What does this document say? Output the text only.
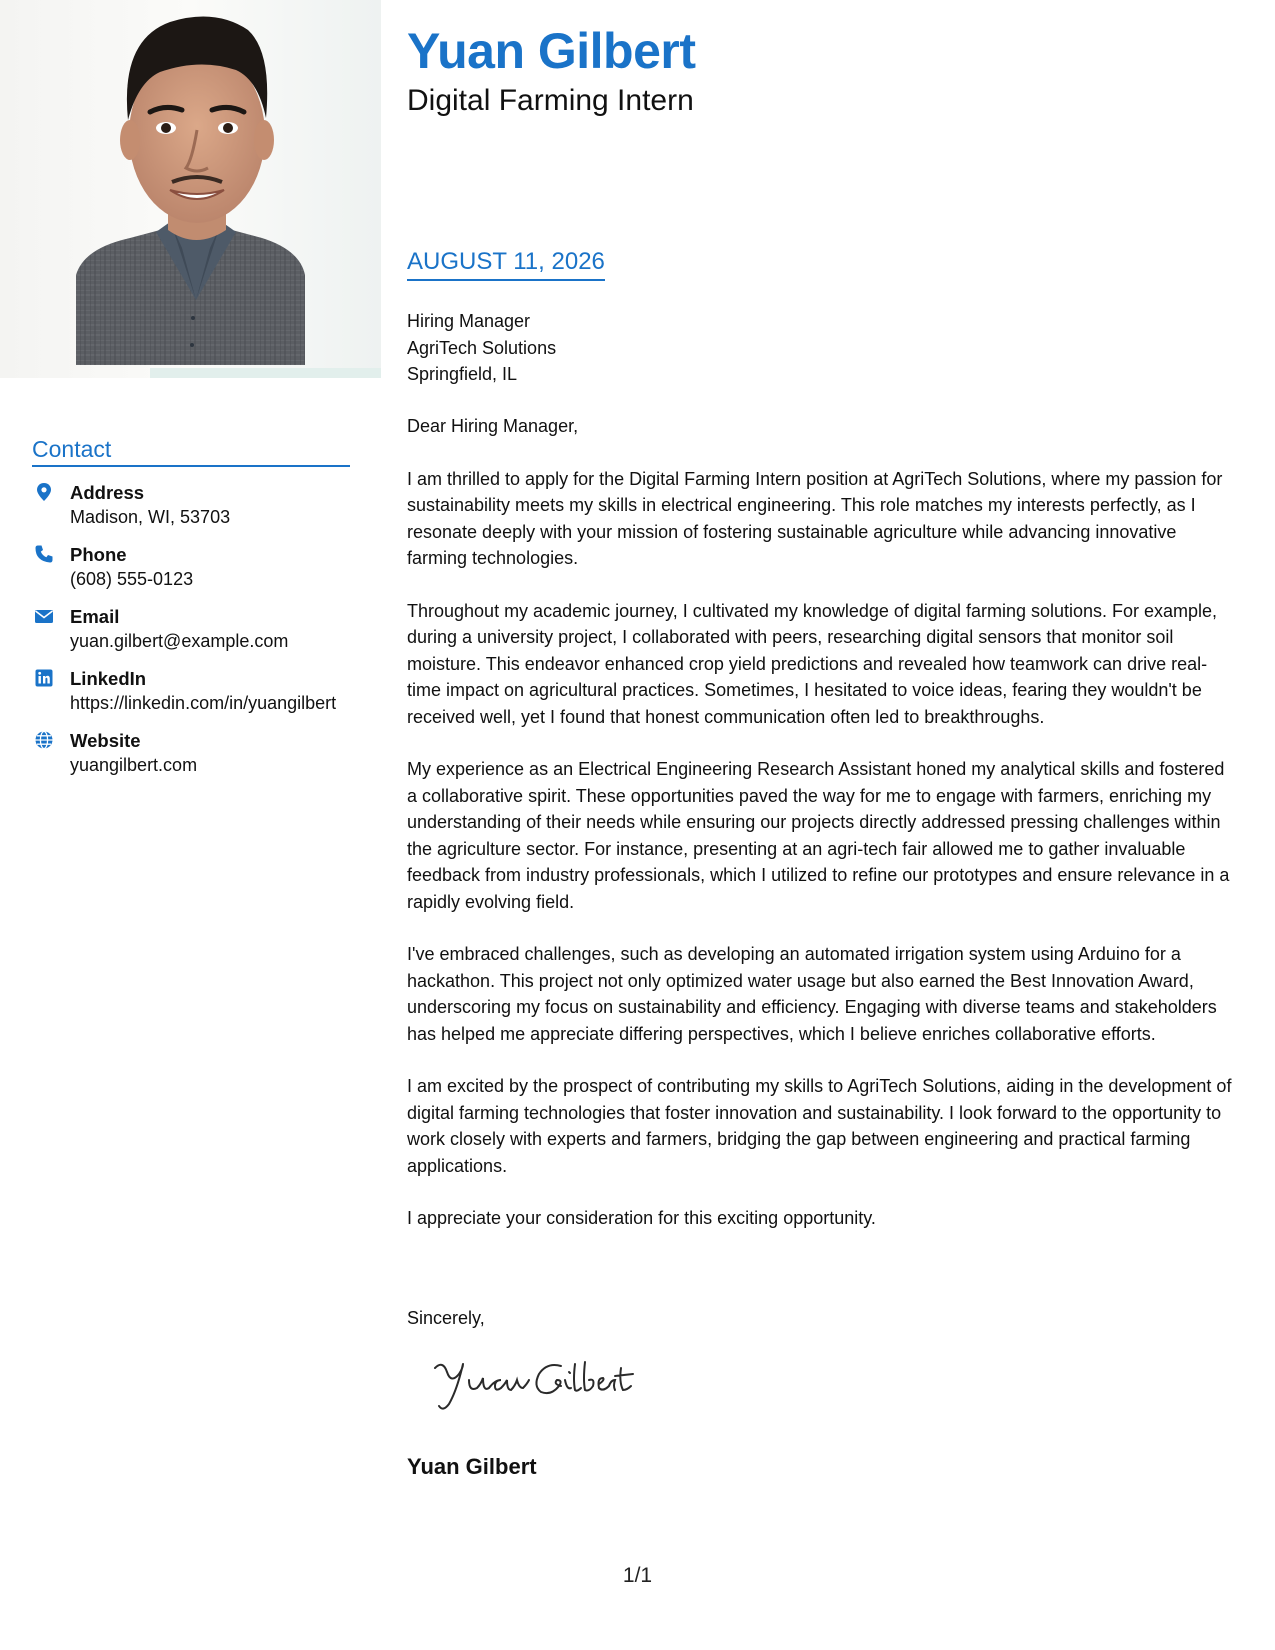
Contact
Address
Madison, WI, 53703
Phone
(608) 555-0123
Email
yuan.gilbert@example.com
LinkedIn
https://linkedin.com/in/yuangilbert
Website
yuangilbert.com
Yuan Gilbert
Digital Farming Intern
AUGUST 11, 2026
Hiring Manager
AgriTech Solutions
Springfield, IL

Dear Hiring Manager,

I am thrilled to apply for the Digital Farming Intern position at AgriTech Solutions, where my passion for sustainability meets my skills in electrical engineering. This role matches my interests perfectly, as I resonate deeply with your mission of fostering sustainable agriculture while advancing innovative farming technologies.

Throughout my academic journey, I cultivated my knowledge of digital farming solutions. For example, during a university project, I collaborated with peers, researching digital sensors that monitor soil moisture. This endeavor enhanced crop yield predictions and revealed how teamwork can drive real-time impact on agricultural practices. Sometimes, I hesitated to voice ideas, fearing they wouldn't be received well, yet I found that honest communication often led to breakthroughs.

My experience as an Electrical Engineering Research Assistant honed my analytical skills and fostered a collaborative spirit. These opportunities paved the way for me to engage with farmers, enriching my understanding of their needs while ensuring our projects directly addressed pressing challenges within the agriculture sector. For instance, presenting at an agri-tech fair allowed me to gather invaluable feedback from industry professionals, which I utilized to refine our prototypes and ensure relevance in a rapidly evolving field.

I've embraced challenges, such as developing an automated irrigation system using Arduino for a hackathon. This project not only optimized water usage but also earned the Best Innovation Award, underscoring my focus on sustainability and efficiency. Engaging with diverse teams and stakeholders has helped me appreciate differing perspectives, which I believe enriches collaborative efforts.

I am excited by the prospect of contributing my skills to AgriTech Solutions, aiding in the development of digital farming technologies that foster innovation and sustainability. I look forward to the opportunity to work closely with experts and farmers, bridging the gap between engineering and practical farming applications.

I appreciate your consideration for this exciting opportunity.

Sincerely,
Yuan Gilbert
1/1
